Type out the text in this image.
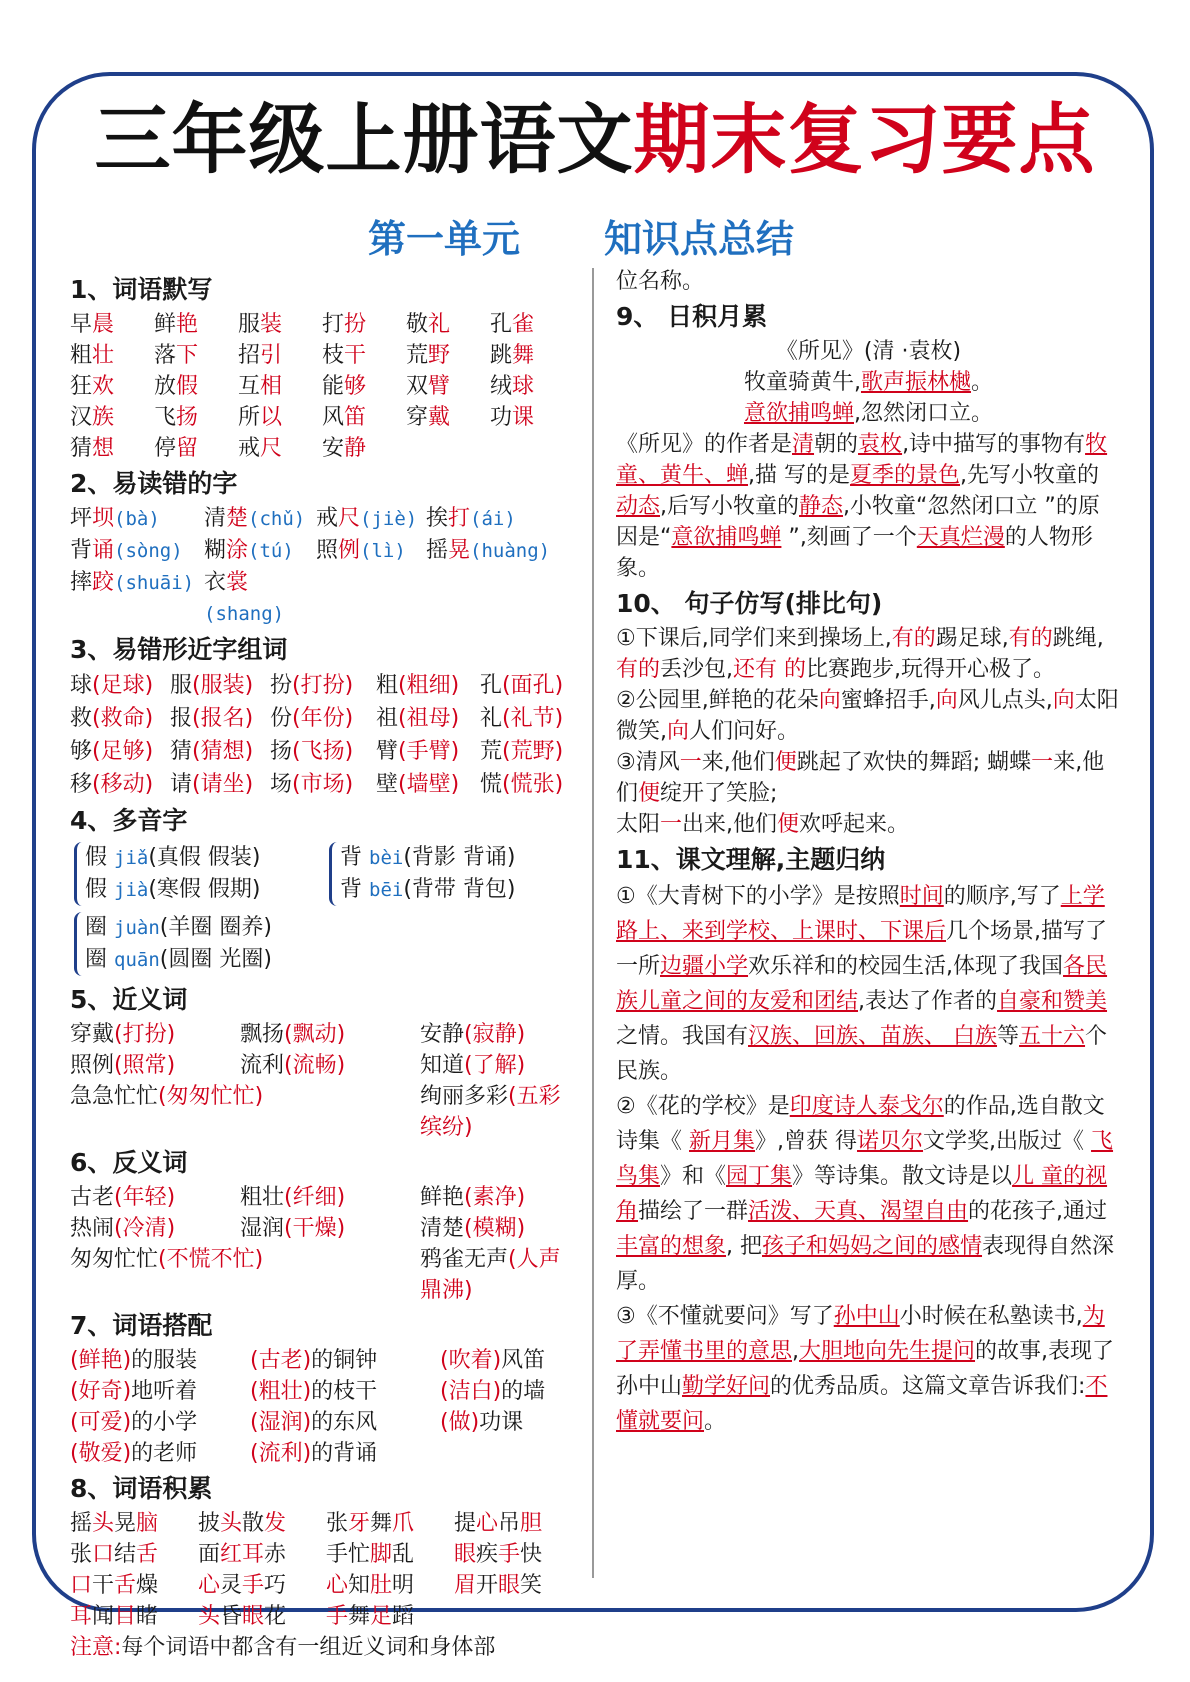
三年级上册语文期末复习要点
第一单元 知识点总结
1、词语默写
早晨	鲜艳	服装	打扮	敬礼	孔雀
粗壮	落下	招引	枝干	荒野	跳舞
狂欢	放假	互相	能够	双臂	绒球
汉族	飞扬	所以	风笛	穿戴	功课
猜想	停留	戒尺	安静
2、易读错的字
坪坝(bà)	清楚(chǔ) 戒尺(jiè) 挨打(ái)
背诵(sòng) 糊涂(tú)	照例(lì) 摇晃(huàng)
摔跤(shuāi) 衣裳(shang)
3、易错形近字组词
球(足球) 服(服装) 扮(打扮)	粗(粗细) 孔(面孔)
救(救命) 报(报名) 份(年份)	祖(祖母) 礼(礼节)
够(足够) 猜(猜想) 扬(飞扬)	臂(手臂) 荒(荒野)
移(移动) 请(请坐) 场(市场)	壁(墙壁) 慌(慌张)
4、多音字
假 jiǎ(真假 假装)
假 jià(寒假 假期)
背 bèi(背影 背诵)
背 bēi(背带 背包)
圈 juàn(羊圈 圈养)
圈 quān(圆圈 光圈)
5、近义词
穿戴(打扮)	飘扬(飘动)	安静(寂静)
照例(照常)	流利(流畅)	知道(了解)
急急忙忙(匆匆忙忙)	绚丽多彩(五彩缤纷)
6、反义词
古老(年轻)	粗壮(纤细)	鲜艳(素净)
热闹(冷清)	湿润(干燥)	清楚(模糊)
匆匆忙忙(不慌不忙)	鸦雀无声(人声鼎沸)
7、词语搭配
(鲜艳)的服装	(古老)的铜钟	(吹着)风笛
(好奇)地听着	(粗壮)的枝干	(洁白)的墙
(可爱)的小学	(湿润)的东风	(做)功课
(敬爱)的老师	(流利)的背诵
8、词语积累
摇头晃脑	披头散发	张牙舞爪	提心吊胆
张口结舌	面红耳赤	手忙脚乱	眼疾手快
口干舌燥	心灵手巧	心知肚明	眉开眼笑
耳闻目睹	头昏眼花	手舞足蹈
注意:每个词语中都含有一组近义词和身体部
位名称。
9、 日积月累
《所见》(清 ·袁枚)
牧童骑黄牛,歌声振林樾。
意欲捕鸣蝉,忽然闭口立。

《所见》的作者是清朝的袁枚,诗中描写的事物有牧童、黄牛、蝉,描 写的是夏季的景色,先写小牧童的动态,后写小牧童的静态,小牧童“忽然闭口立 ”的原因是“意欲捕鸣蝉 ”,刻画了一个天真烂漫的人物形象。

10、 句子仿写(排比句)

①下课后,同学们来到操场上,有的踢足球,有的跳绳,有的丢沙包,还有 的比赛跑步,玩得开心极了。

②公园里,鲜艳的花朵向蜜蜂招手,向风儿点头,向太阳微笑,向人们问好。

③清风一来,他们便跳起了欢快的舞蹈; 蝴蝶一来,他们便绽开了笑脸;
太阳一出来,他们便欢呼起来。

11、课文理解,主题归纳

①《大青树下的小学》是按照时间的顺序,写了上学路上、来到学校、上课时、下课后几个场景,描写了一所边疆小学欢乐祥和的校园生活,体现了我国各民族儿童之间的友爱和团结,表达了作者的自豪和赞美之情。我国有汉族、回族、苗族、 白族等五十六个民族。

②《花的学校》是印度诗人泰戈尔的作品,选自散文诗集《 新月集》,曾获 得诺贝尔文学奖,出版过《 飞鸟集》和《园丁集》等诗集。散文诗是以儿 童的视角描绘了一群活泼、天真、渴望自由的花孩子,通过丰富的想象, 把孩子和妈妈之间的感情表现得自然深厚。

③《不懂就要问》写了孙中山小时候在私塾读书,为了弄懂书里的意思,大胆地向先生提问的故事,表现了孙中山勤学好问的优秀品质。这篇文章告诉我们:不懂就要问。
